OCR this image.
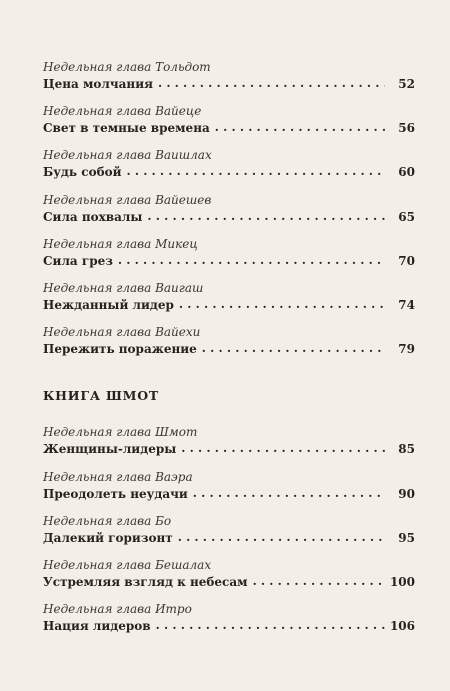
Недельная глава Тольдот
Цена молчания . . .	52
Недельная глава Вайеце
Свет в темные времена . . .	56
Недельная глава Ваишлах
Будь собой . . .	60
Недельная глава Вайешев
Сила похвалы . . .	65
Недельная глава Микец
Сила грез . . .	70
Недельная глава Ваигаш
Нежданный лидер . . .	74
Недельная глава Вайехи
Пережить поражение . . .	79
КНИГА ШМОТ
Недельная глава Шмот
Женщины-лидеры . . .	85
Недельная глава Ваэра
Преодолеть неудачи . . .	90
Недельная глава Бо
Далекий горизонт . . .	95
Недельная глава Бешалах
Устремляя взгляд к небесам . . .	100
Недельная глава Итро
Нация лидеров . . .	106
